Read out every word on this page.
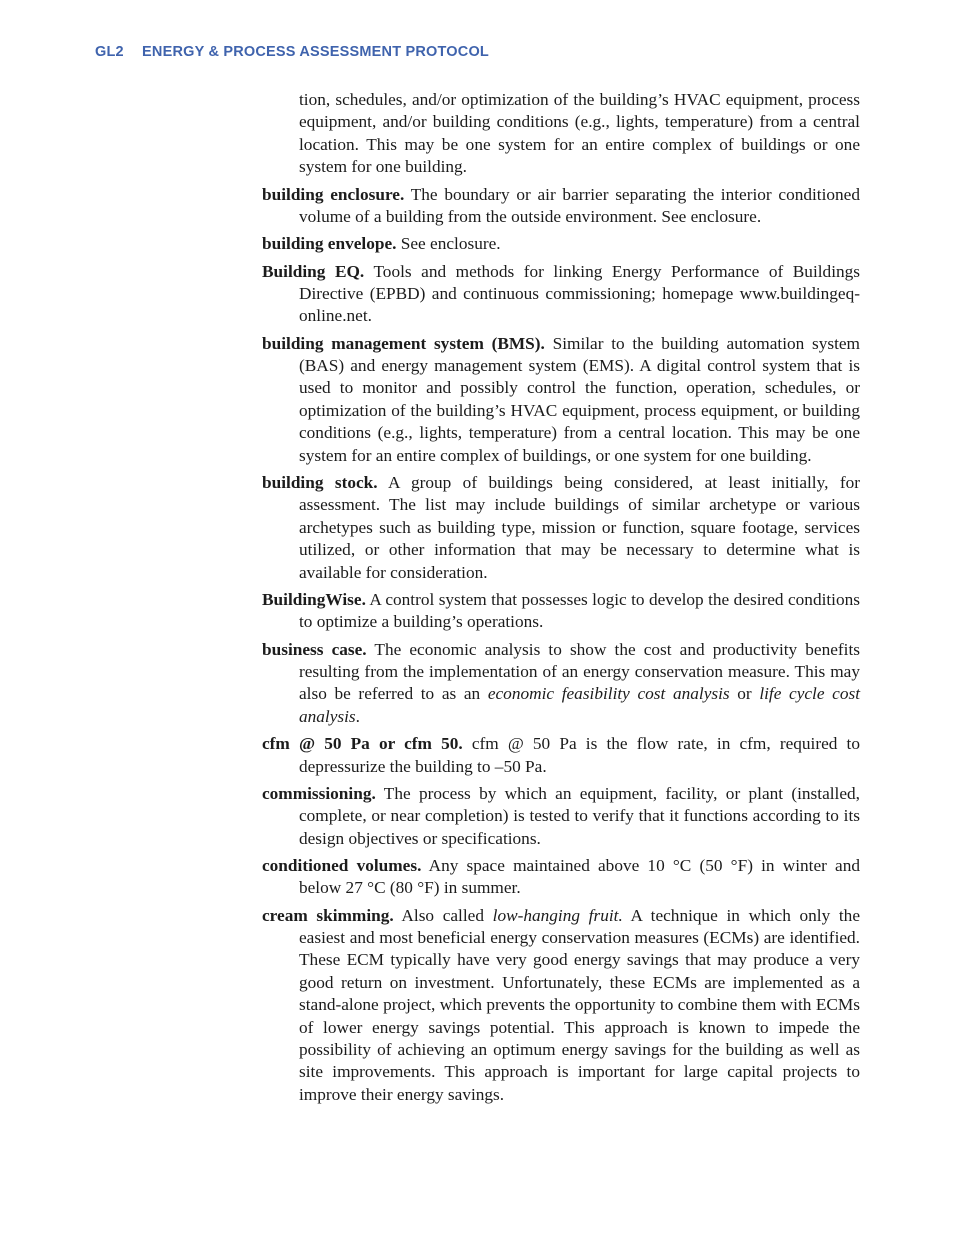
GL2 ENERGY & PROCESS ASSESSMENT PROTOCOL

tion, schedules, and/or optimization of the building’s HVAC equipment, process equipment, and/or building conditions (e.g., lights, temperature) from a central location. This may be one system for an entire complex of buildings or one system for one building.

building enclosure. The boundary or air barrier separating the interior conditioned volume of a building from the outside environment. See enclosure.

building envelope. See enclosure.

Building EQ. Tools and methods for linking Energy Performance of Buildings Directive (EPBD) and continuous commissioning; homepage www.buildingeq-online.net.

building management system (BMS). Similar to the building automation system (BAS) and energy management system (EMS). A digital control system that is used to monitor and possibly control the function, operation, schedules, or optimization of the building’s HVAC equipment, process equipment, or building conditions (e.g., lights, temperature) from a central location. This may be one system for an entire complex of buildings, or one system for one building.

building stock. A group of buildings being considered, at least initially, for assessment. The list may include buildings of similar archetype or various archetypes such as building type, mission or function, square footage, services utilized, or other information that may be necessary to determine what is available for consideration.

BuildingWise. A control system that possesses logic to develop the desired conditions to optimize a building’s operations.

business case. The economic analysis to show the cost and productivity benefits resulting from the implementation of an energy conservation measure. This may also be referred to as an economic feasibility cost analysis or life cycle cost analysis.

cfm @ 50 Pa or cfm 50. cfm @ 50 Pa is the flow rate, in cfm, required to depressurize the building to –50 Pa.

commissioning. The process by which an equipment, facility, or plant (installed, complete, or near completion) is tested to verify that it functions according to its design objectives or specifications.

conditioned volumes. Any space maintained above 10 °C (50 °F) in winter and below 27 °C (80 °F) in summer.

cream skimming. Also called low-hanging fruit. A technique in which only the easiest and most beneficial energy conservation measures (ECMs) are identified. These ECM typically have very good energy savings that may produce a very good return on investment. Unfortunately, these ECMs are implemented as a stand-alone project, which prevents the opportunity to combine them with ECMs of lower energy savings potential. This approach is known to impede the possibility of achieving an optimum energy savings for the building as well as site improvements. This approach is important for large capital projects to improve their energy savings.
